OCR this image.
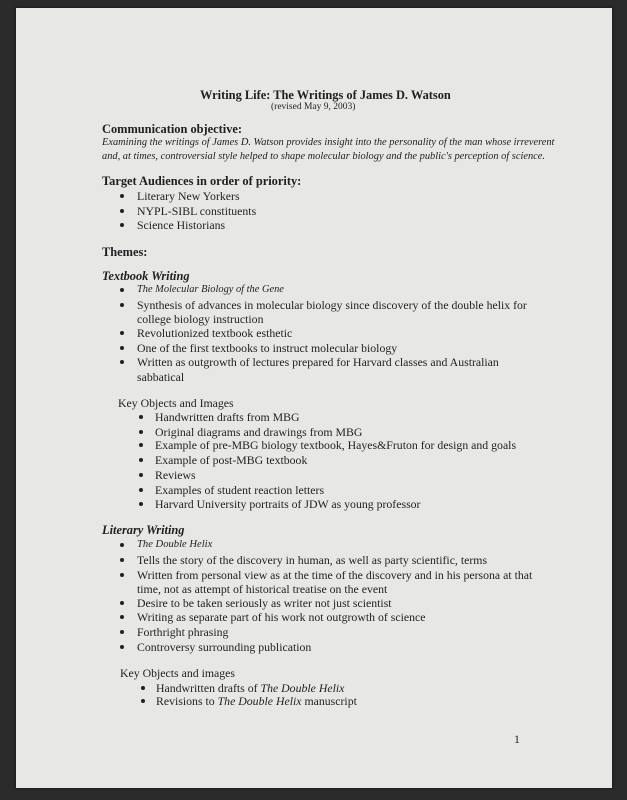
Writing Life: The Writings of James D. Watson
(revised May 9, 2003)
Communication objective:
Examining the writings of James D. Watson provides insight into the personality of the man whose irreverent
and, at times, controversial style helped to shape molecular biology and the public's perception of science.
Target Audiences in order of priority:
Literary New Yorkers
NYPL-SIBL constituents
Science Historians
Themes:
Textbook Writing
The Molecular Biology of the Gene
Synthesis of advances in molecular biology since discovery of the double helix for
college biology instruction
Revolutionized textbook esthetic
One of the first textbooks to instruct molecular biology
Written as outgrowth of lectures prepared for Harvard classes and Australian
sabbatical
Key Objects and Images
Handwritten drafts from MBG
Original diagrams and drawings from MBG
Example of pre-MBG biology textbook, Hayes&Fruton for design and goals
Example of post-MBG textbook
Reviews
Examples of student reaction letters
Harvard University portraits of JDW as young professor
Literary Writing
The Double Helix
Tells the story of the discovery in human, as well as party scientific, terms
Written from personal view as at the time of the discovery and in his persona at that
time, not as attempt of historical treatise on the event
Desire to be taken seriously as writer not just scientist
Writing as separate part of his work not outgrowth of science
Forthright phrasing
Controversy surrounding publication
Key Objects and images
Handwritten drafts of The Double Helix
Revisions to The Double Helix manuscript
1
